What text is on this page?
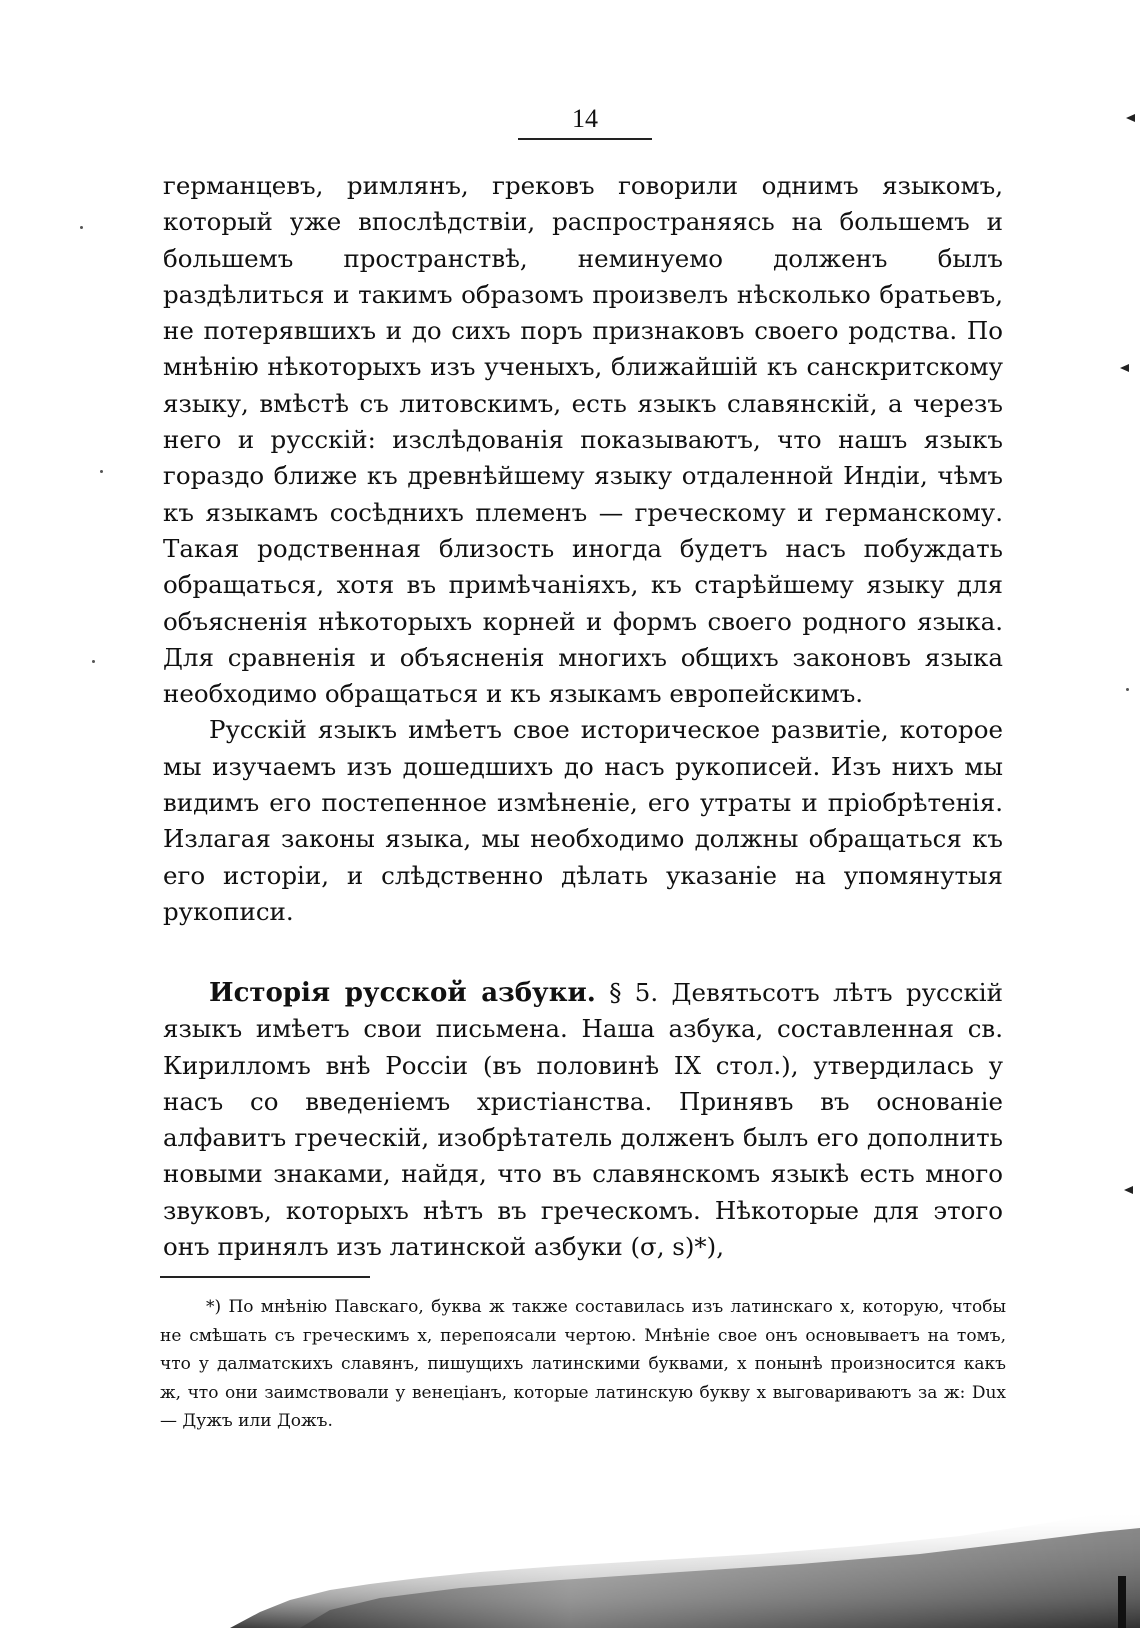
14

германцевъ, римлянъ, грековъ говорили однимъ языкомъ, который уже впослѣдствіи, распространяясь на большемъ и большемъ пространствѣ, неминуемо долженъ былъ раздѣлиться и такимъ образомъ произвелъ нѣсколько братьевъ, не потерявшихъ и до сихъ поръ признаковъ своего родства. По мнѣнію нѣкоторыхъ изъ ученыхъ, ближайшій къ санскритскому языку, вмѣстѣ съ литовскимъ, есть языкъ славянскій, а черезъ него и русскій: изслѣдованія показываютъ, что нашъ языкъ гораздо ближе къ древнѣйшему языку отдаленной Индіи, чѣмъ къ языкамъ сосѣднихъ племенъ — греческому и германскому. Такая родственная близость иногда будетъ насъ побуждать обращаться, хотя въ примѣчаніяхъ, къ старѣйшему языку для объясненія нѣкоторыхъ корней и формъ своего родного языка. Для сравненія и объясненія многихъ общихъ законовъ языка необходимо обращаться и къ языкамъ европейскимъ.

Русскій языкъ имѣетъ свое историческое развитіе, которое мы изучаемъ изъ дошедшихъ до насъ рукописей. Изъ нихъ мы видимъ его постепенное измѣненіе, его утраты и пріобрѣтенія. Излагая законы языка, мы необходимо должны обращаться къ его исторіи, и слѣдственно дѣлать указаніе на упомянутыя рукописи.

Исторія русской азбуки. § 5. Девятьсотъ лѣтъ русскій языкъ имѣетъ свои письмена. Наша азбука, составленная св. Кирилломъ внѣ Россіи (въ половинѣ IX стол.), утвердилась у насъ со введеніемъ христіанства. Принявъ въ основаніе алфавитъ греческій, изобрѣтатель долженъ былъ его дополнить новыми знаками, найдя, что въ славянскомъ языкѣ есть много звуковъ, которыхъ нѣтъ въ греческомъ. Нѣкоторые для этого онъ принялъ изъ латинской азбуки (σ, s)*),
*) По мнѣнію Павскаго, буква ж также составилась изъ латинскаго x, которую, чтобы не смѣшать съ греческимъ x, перепоясали чертою. Мнѣніе свое онъ основываетъ на томъ, что у далматскихъ славянъ, пишущихъ латинскими буквами, x понынѣ произносится какъ ж, что они заимствовали у венеціанъ, которые латинскую букву x выговариваютъ за ж: Dux — Дужъ или Дожъ.
